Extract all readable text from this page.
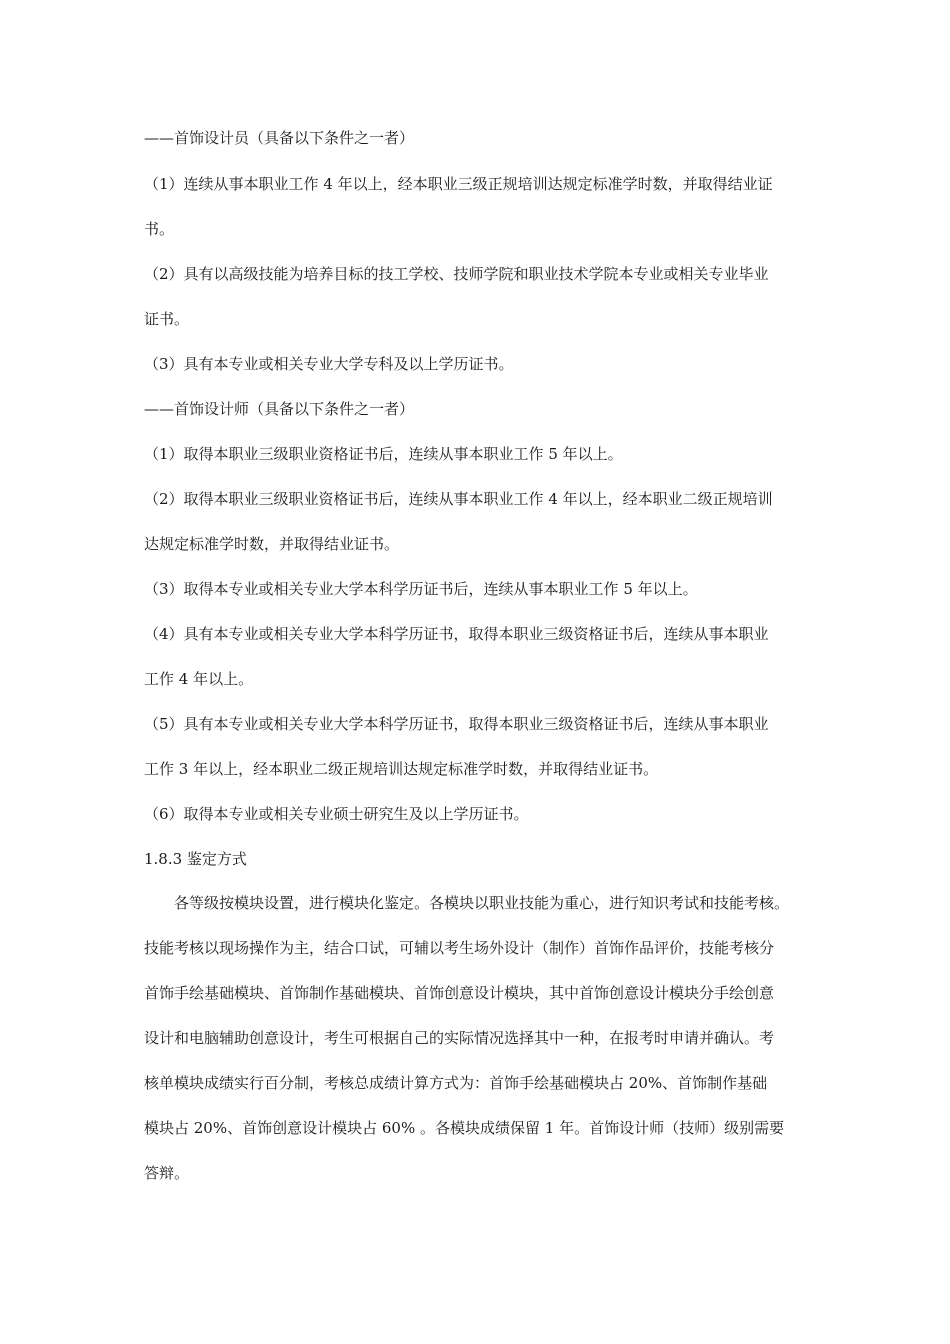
——首饰设计员（具备以下条件之一者）
（1）连续从事本职业工作 4 年以上，经本职业三级正规培训达规定标准学时数，并取得结业证
书。
（2）具有以高级技能为培养目标的技工学校、技师学院和职业技术学院本专业或相关专业毕业
证书。
（3）具有本专业或相关专业大学专科及以上学历证书。
——首饰设计师（具备以下条件之一者）
（1）取得本职业三级职业资格证书后，连续从事本职业工作 5 年以上。
（2）取得本职业三级职业资格证书后，连续从事本职业工作 4 年以上，经本职业二级正规培训
达规定标准学时数，并取得结业证书。
（3）取得本专业或相关专业大学本科学历证书后，连续从事本职业工作 5 年以上。
（4）具有本专业或相关专业大学本科学历证书，取得本职业三级资格证书后，连续从事本职业
工作 4 年以上。
（5）具有本专业或相关专业大学本科学历证书，取得本职业三级资格证书后，连续从事本职业
工作 3 年以上，经本职业二级正规培训达规定标准学时数，并取得结业证书。
（6）取得本专业或相关专业硕士研究生及以上学历证书。
1.8.3 鉴定方式
各等级按模块设置，进行模块化鉴定。各模块以职业技能为重心，进行知识考试和技能考核。
技能考核以现场操作为主，结合口试，可辅以考生场外设计（制作）首饰作品评价，技能考核分
首饰手绘基础模块、首饰制作基础模块、首饰创意设计模块，其中首饰创意设计模块分手绘创意
设计和电脑辅助创意设计，考生可根据自己的实际情况选择其中一种，在报考时申请并确认。考
核单模块成绩实行百分制，考核总成绩计算方式为：首饰手绘基础模块占 20%、首饰制作基础
模块占 20%、首饰创意设计模块占 60% 。各模块成绩保留 1 年。首饰设计师（技师）级别需要
答辩。
